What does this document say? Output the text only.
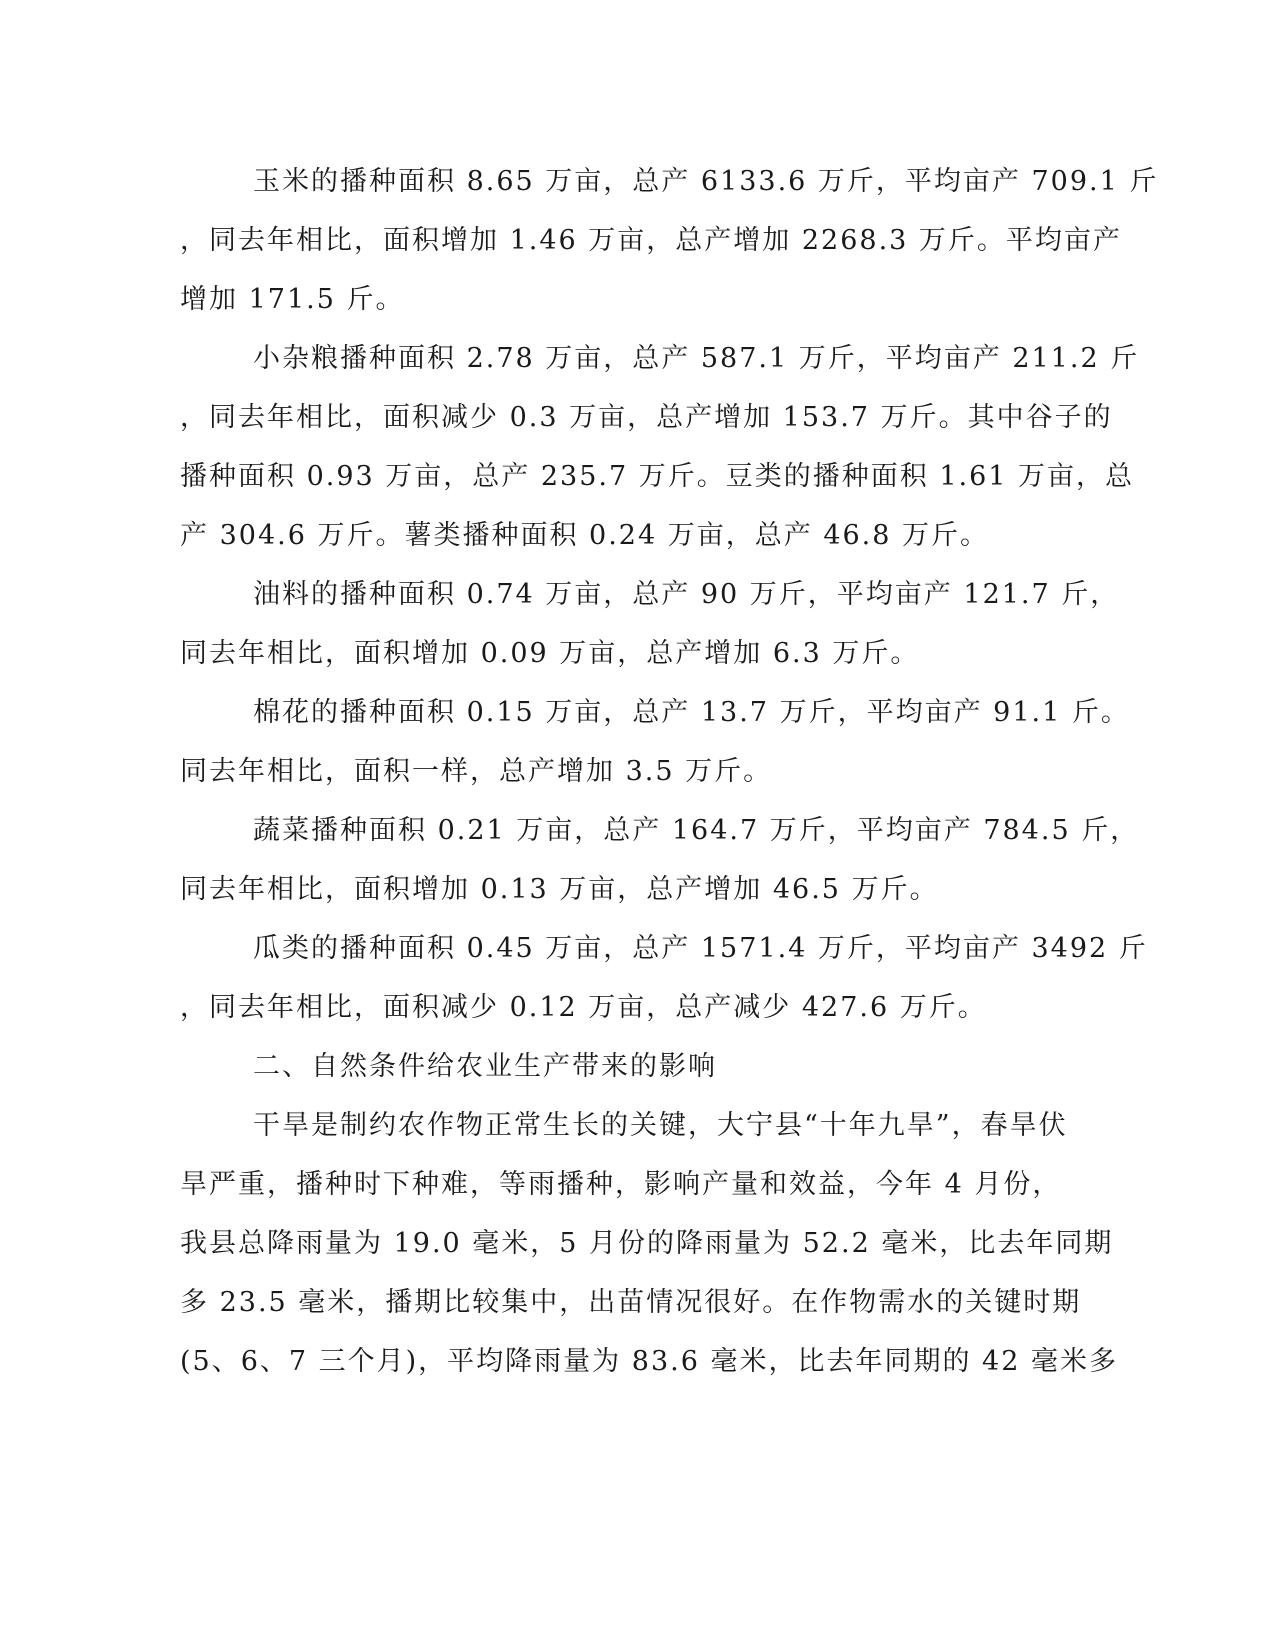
玉米的播种面积 8.65 万亩，总产 6133.6 万斤，平均亩产 709.1 斤
，同去年相比，面积增加 1.46 万亩，总产增加 2268.3 万斤。平均亩产
增加 171.5 斤。
小杂粮播种面积 2.78 万亩，总产 587.1 万斤，平均亩产 211.2 斤
，同去年相比，面积减少 0.3 万亩，总产增加 153.7 万斤。其中谷子的
播种面积 0.93 万亩，总产 235.7 万斤。豆类的播种面积 1.61 万亩，总
产 304.6 万斤。薯类播种面积 0.24 万亩，总产 46.8 万斤。
油料的播种面积 0.74 万亩，总产 90 万斤，平均亩产 121.7 斤，
同去年相比，面积增加 0.09 万亩，总产增加 6.3 万斤。
棉花的播种面积 0.15 万亩，总产 13.7 万斤，平均亩产 91.1 斤。
同去年相比，面积一样，总产增加 3.5 万斤。
蔬菜播种面积 0.21 万亩，总产 164.7 万斤，平均亩产 784.5 斤，
同去年相比，面积增加 0.13 万亩，总产增加 46.5 万斤。
瓜类的播种面积 0.45 万亩，总产 1571.4 万斤，平均亩产 3492 斤
，同去年相比，面积减少 0.12 万亩，总产减少 427.6 万斤。
二、自然条件给农业生产带来的影响
干旱是制约农作物正常生长的关键，大宁县“十年九旱”，春旱伏
旱严重，播种时下种难，等雨播种，影响产量和效益，今年 4 月份，
我县总降雨量为 19.0 毫米，5 月份的降雨量为 52.2 毫米，比去年同期
多 23.5 毫米，播期比较集中，出苗情况很好。在作物需水的关键时期
(5、6、7 三个月)，平均降雨量为 83.6 毫米，比去年同期的 42 毫米多
